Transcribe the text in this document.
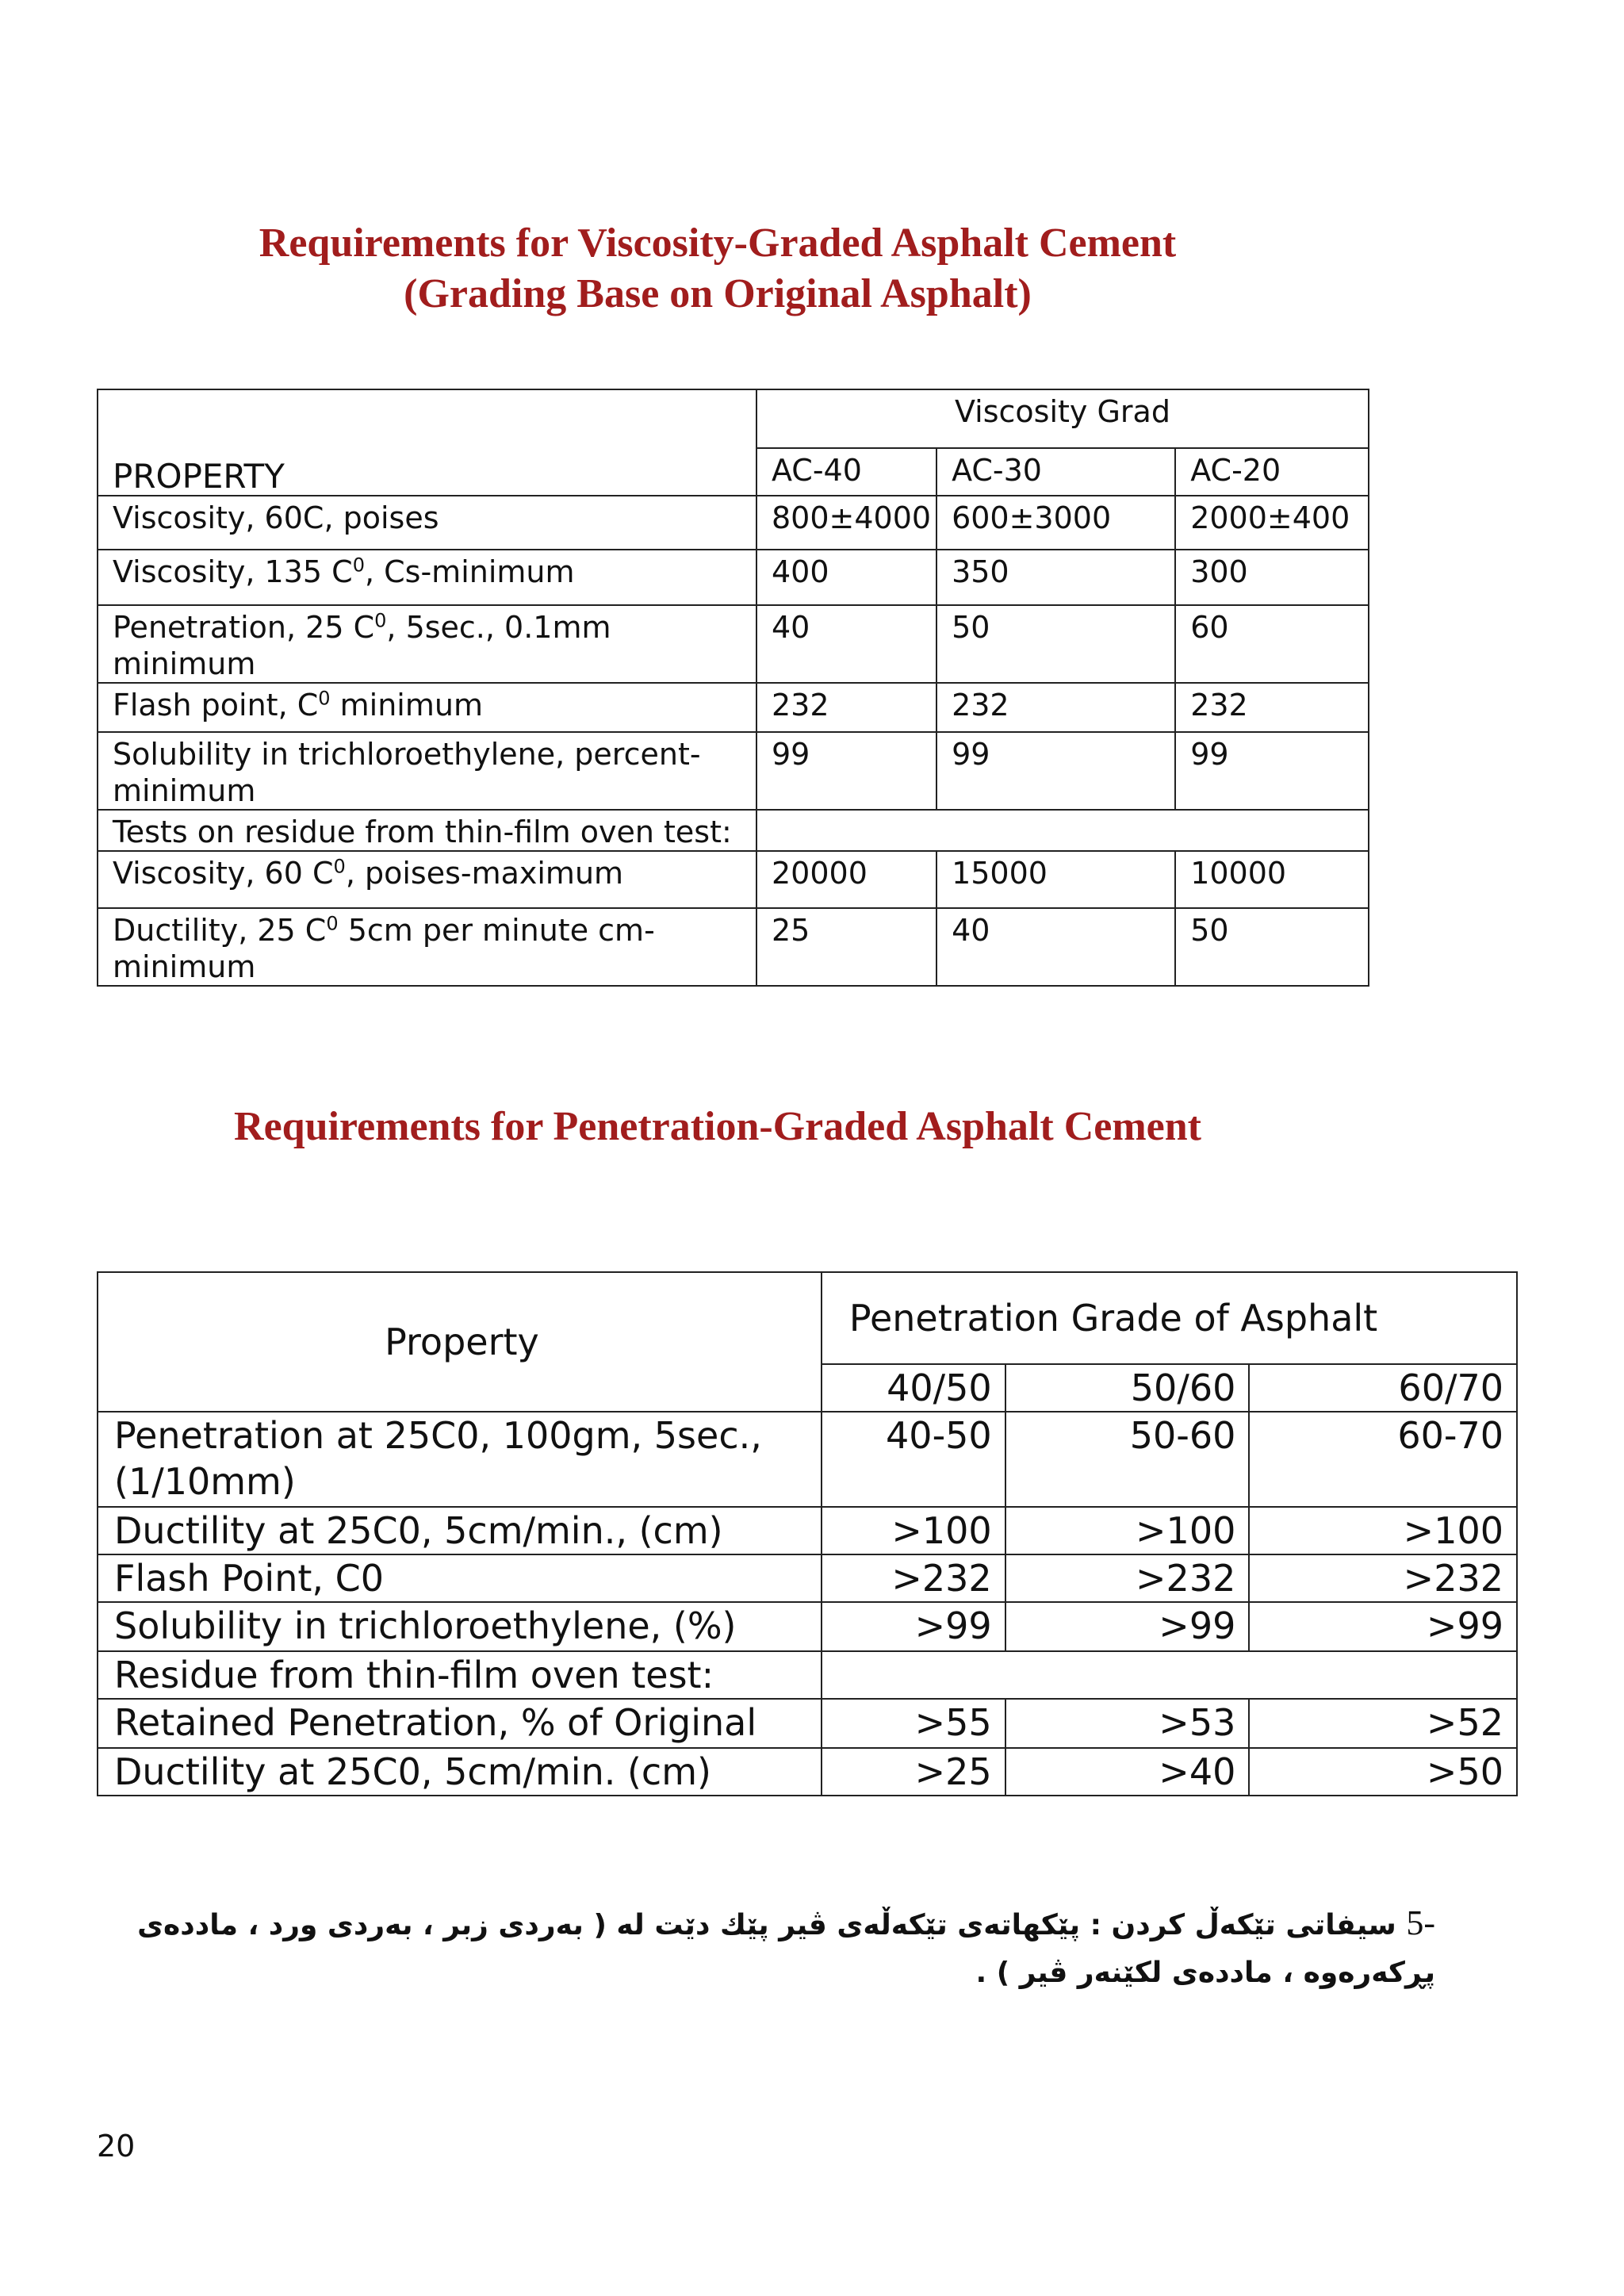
Requirements for Viscosity-Graded Asphalt Cement
(Grading Base on Original Asphalt)
PROPERTY	Viscosity Grad		
	AC-40	AC-30	AC-20
Viscosity, 60C, poises	800±4000	600±3000	2000±400
Viscosity, 135 $C^0$, Cs-minimum	400	350	300
Penetration, 25 $C^0$, 5sec., 0.1mm minimum	40	50	60
Flash point, $C^0$ minimum	232	232	232
Solubility in trichloroethylene, percent-minimum	99	99	99
Tests on residue from thin-film oven test:			
Viscosity, 60 $C^0$, poises-maximum	20000	15000	10000
Ductility, 25 $C^0$ 5cm per minute cm-minimum	25	40	50
Requirements for Penetration-Graded Asphalt Cement
Property	Penetration Grade of Asphalt		
	40/50	50/60	60/70
Penetration at 25C0, 100gm, 5sec., (1/10mm)	40-50	50-60	60-70
Ductility at 25C0, 5cm/min., (cm)	>100	>100	>100
Flash Point, C0	>232	>232	>232
Solubility in trichloroethylene, (%)	>99	>99	>99
Residue from thin-film oven test:			
Retained Penetration, % of Original	>55	>53	>52
Ductility at 25C0, 5cm/min. (cm)	>25	>40	>50
5- سیفاتی تێکەڵ کردن : پێکهاتەی تێکەڵەی ڤیر پێك دێت لە ( بەردی زبر ، بەردی ورد ، ماددەی پڕکەرەوە ، ماددەی لکێنەر ڤیر ) .
20
